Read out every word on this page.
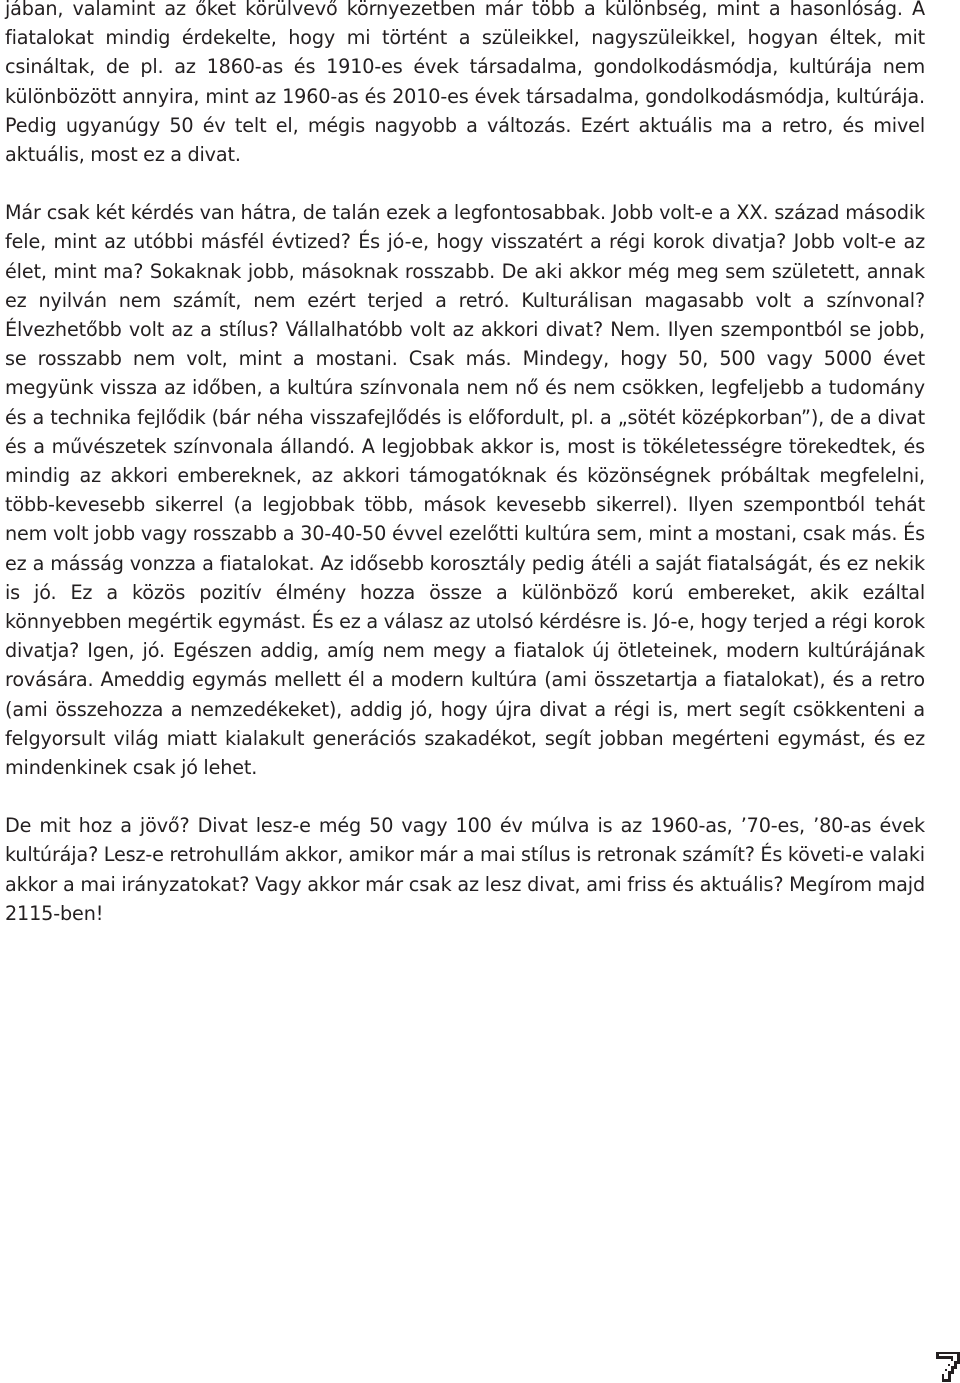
jában, valamint az őket körülvevő környezetben már több a különbség, mint a hasonlóság. A fiatalokat mindig érdekelte, hogy mi történt a szüleikkel, nagyszüleikkel, hogyan éltek, mit csináltak, de pl. az 1860-as és 1910-es évek társadalma, gondolkodásmódja, kultúrája nem különbözött annyira, mint az 1960-as és 2010-es évek társadalma, gondolkodásmódja, kultúrája. Pedig ugyanúgy 50 év telt el, mégis nagyobb a változás. Ezért aktuális ma a retro, és mivel aktuális, most ez a divat.

Már csak két kérdés van hátra, de talán ezek a legfontosabbak. Jobb volt-e a XX. század második fele, mint az utóbbi másfél évtized? És jó-e, hogy visszatért a régi korok divatja? Jobb volt-e az élet, mint ma? Sokaknak jobb, másoknak rosszabb. De aki akkor még meg sem született, annak ez nyilván nem számít, nem ezért terjed a retró. Kulturálisan magasabb volt a színvonal? Élvezhetőbb volt az a stílus? Vállalhatóbb volt az akkori divat? Nem. Ilyen szempontból se jobb, se rosszabb nem volt, mint a mostani. Csak más. Mindegy, hogy 50, 500 vagy 5000 évet megyünk vissza az időben, a kultúra színvonala nem nő és nem csökken, legfeljebb a tudomány és a technika fejlődik (bár néha visszafejlődés is előfordult, pl. a „sötét középkorban”), de a divat és a művészetek színvonala állandó. A legjobbak akkor is, most is tökéletességre törekedtek, és mindig az akkori embereknek, az akkori támogatóknak és közönségnek próbáltak megfelelni, több-kevesebb sikerrel (a legjobbak több, mások kevesebb sikerrel). Ilyen szempontból tehát nem volt jobb vagy rosszabb a 30-40-50 évvel ezelőtti kultúra sem, mint a mostani, csak más. És ez a másság vonzza a fiatalokat. Az idősebb korosztály pedig átéli a saját fiatalságát, és ez nekik is jó. Ez a közös pozitív élmény hozza össze a különböző korú embereket, akik ezáltal könnyebben megértik egymást. És ez a válasz az utolsó kérdésre is. Jó-e, hogy terjed a régi korok divatja? Igen, jó. Egészen addig, amíg nem megy a fiatalok új ötleteinek, modern kultúrájának rovására. Ameddig egymás mellett él a modern kultúra (ami összetartja a fiatalokat), és a retro (ami összehozza a nemzedékeket), addig jó, hogy újra divat a régi is, mert segít csökkenteni a felgyorsult világ miatt kialakult generációs szakadékot, segít jobban megérteni egymást, és ez mindenkinek csak jó lehet.

De mit hoz a jövő? Divat lesz-e még 50 vagy 100 év múlva is az 1960-as, ’70-es, ’80-as évek kultúrája? Lesz-e retrohullám akkor, amikor már a mai stílus is retronak számít? És követi-e valaki akkor a mai irányzatokat? Vagy akkor már csak az lesz divat, ami friss és aktuális? Megírom majd 2115-ben!
